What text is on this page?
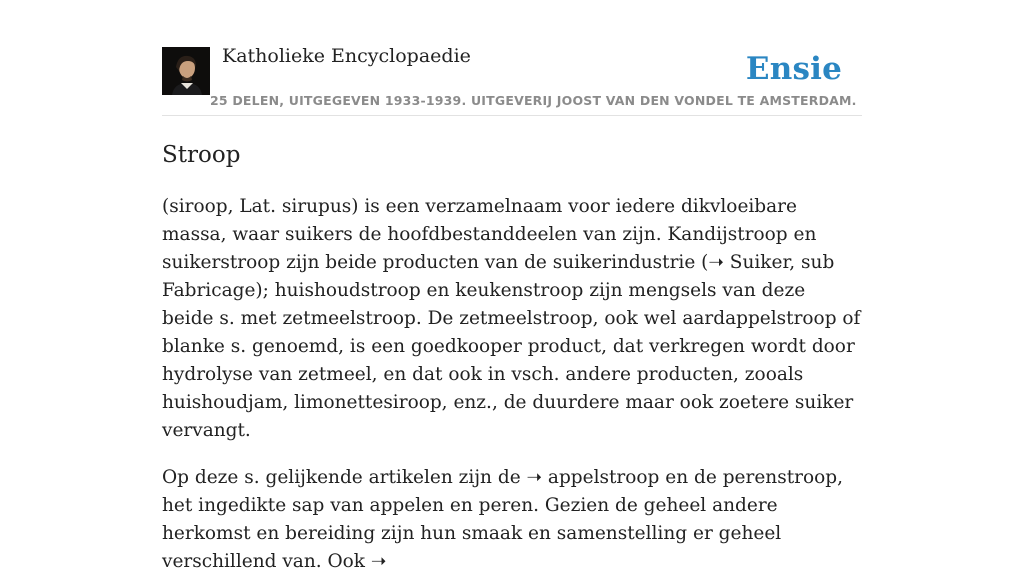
Katholieke Encyclopaedie	Ensie
25 DELEN, UITGEGEVEN 1933-1939. UITGEVERIJ JOOST VAN DEN VONDEL TE AMSTERDAM.
Stroop

(siroop, Lat. sirupus) is een verzamelnaam voor iedere dikvloeibare massa, waar suikers de hoofdbestanddeelen van zijn. Kandijstroop en suikerstroop zijn beide producten van de suikerindustrie (➝ Suiker, sub Fabricage); huishoudstroop en keukenstroop zijn mengsels van deze beide s. met zetmeelstroop. De zetmeelstroop, ook wel aardappelstroop of blanke s. genoemd, is een goedkooper product, dat verkregen wordt door hydrolyse van zetmeel, en dat ook in vsch. andere producten, zooals huishoudjam, limonettesiroop, enz., de duurdere maar ook zoetere suiker vervangt.

Op deze s. gelijkende artikelen zijn de ➝ appelstroop en de perenstroop, het ingedikte sap van appelen en peren. Gezien de geheel andere herkomst en bereiding zijn hun smaak en samenstelling er geheel verschillend van. Ook ➝
